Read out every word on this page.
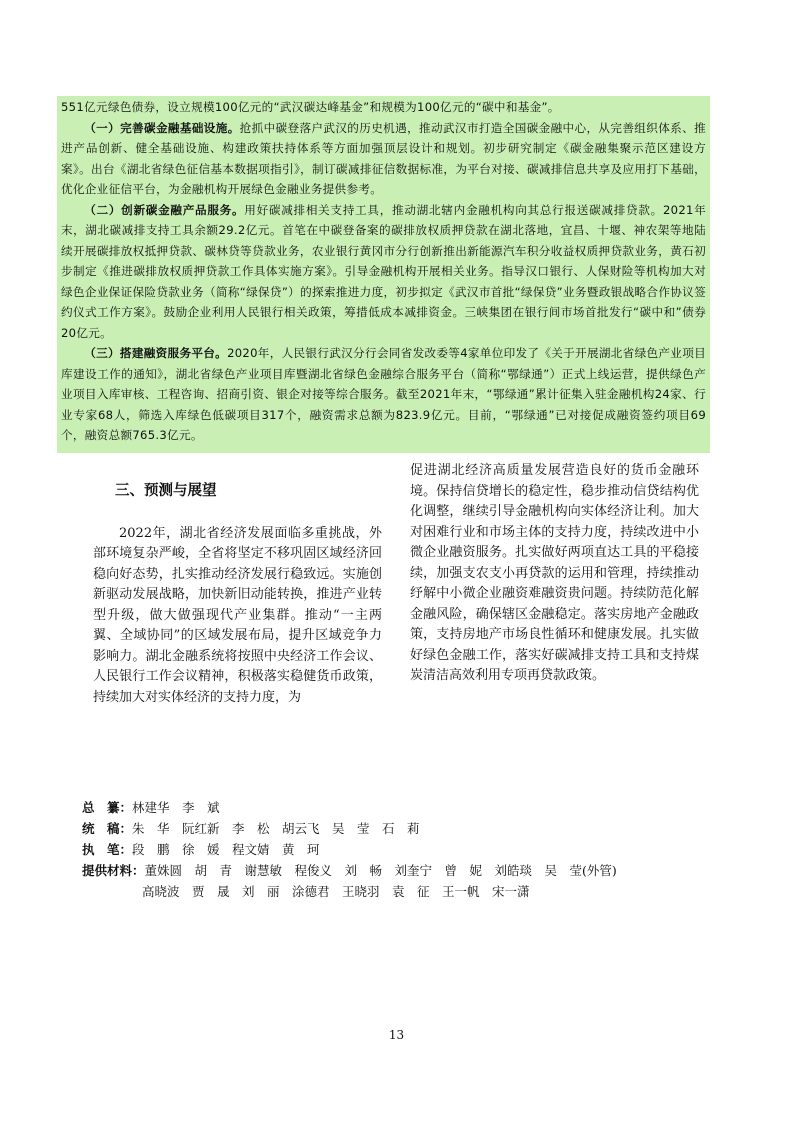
551亿元绿色债券，设立规模100亿元的“武汉碳达峰基金”和规模为100亿元的“碳中和基金”。

（一）完善碳金融基础设施。抢抓中碳登落户武汉的历史机遇，推动武汉市打造全国碳金融中心，从完善组织体系、推进产品创新、健全基础设施、构建政策扶持体系等方面加强顶层设计和规划。初步研究制定《碳金融集聚示范区建设方案》。出台《湖北省绿色征信基本数据项指引》，制订碳减排征信数据标准，为平台对接、碳减排信息共享及应用打下基础，优化企业征信平台，为金融机构开展绿色金融业务提供参考。

（二）创新碳金融产品服务。用好碳减排相关支持工具，推动湖北辖内金融机构向其总行报送碳减排贷款。2021年末，湖北碳减排支持工具余额29.2亿元。首笔在中碳登备案的碳排放权质押贷款在湖北落地，宜昌、十堰、神农架等地陆续开展碳排放权抵押贷款、碳林贷等贷款业务，农业银行黄冈市分行创新推出新能源汽车积分收益权质押贷款业务，黄石初步制定《推进碳排放权质押贷款工作具体实施方案》。引导金融机构开展相关业务。指导汉口银行、人保财险等机构加大对绿色企业保证保险贷款业务（简称“绿保贷”）的探索推进力度，初步拟定《武汉市首批“绿保贷”业务暨政银战略合作协议签约仪式工作方案》。鼓励企业利用人民银行相关政策，筹措低成本减排资金。三峡集团在银行间市场首批发行“碳中和”债券20亿元。

（三）搭建融资服务平台。2020年，人民银行武汉分行会同省发改委等4家单位印发了《关于开展湖北省绿色产业项目库建设工作的通知》，湖北省绿色产业项目库暨湖北省绿色金融综合服务平台（简称“鄂绿通”）正式上线运营，提供绿色产业项目入库审核、工程咨询、招商引资、银企对接等综合服务。截至2021年末，“鄂绿通”累计征集入驻金融机构24家、行业专家68人，筛选入库绿色低碳项目317个，融资需求总额为823.9亿元。目前，“鄂绿通”已对接促成融资签约项目69个，融资总额765.3亿元。

三、预测与展望

2022年，湖北省经济发展面临多重挑战，外部环境复杂严峻，全省将坚定不移巩固区域经济回稳向好态势，扎实推动经济发展行稳致远。实施创新驱动发展战略，加快新旧动能转换，推进产业转型升级，做大做强现代产业集群。推动“一主两翼、全域协同”的区域发展布局，提升区域竞争力影响力。湖北金融系统将按照中央经济工作会议、人民银行工作会议精神，积极落实稳健货币政策，持续加大对实体经济的支持力度，为

促进湖北经济高质量发展营造良好的货币金融环境。保持信贷增长的稳定性，稳步推动信贷结构优化调整，继续引导金融机构向实体经济让利。加大对困难行业和市场主体的支持力度，持续改进中小微企业融资服务。扎实做好两项直达工具的平稳接续，加强支农支小再贷款的运用和管理，持续推动纾解中小微企业融资难融资贵问题。持续防范化解金融风险，确保辖区金融稳定。落实房地产金融政策，支持房地产市场良性循环和健康发展。扎实做好绿色金融工作，落实好碳减排支持工具和支持煤炭清洁高效利用专项再贷款政策。

总　纂： 林建华　李　斌
统　稿： 朱　华　阮红新　李　松　胡云飞　吴　莹　石　莉
执　笔： 段　鹏　徐　媛　程文婧　黄　珂
提供材料： 董姝圆　胡　青　谢慧敏　程俊义　刘　畅　刘奎宁　曾　妮　刘皓琰　吴　莹(外管)
高晓波　贾　晟　刘　丽　涂德君　王晓羽　袁　征　王一帆　宋一潇
13
